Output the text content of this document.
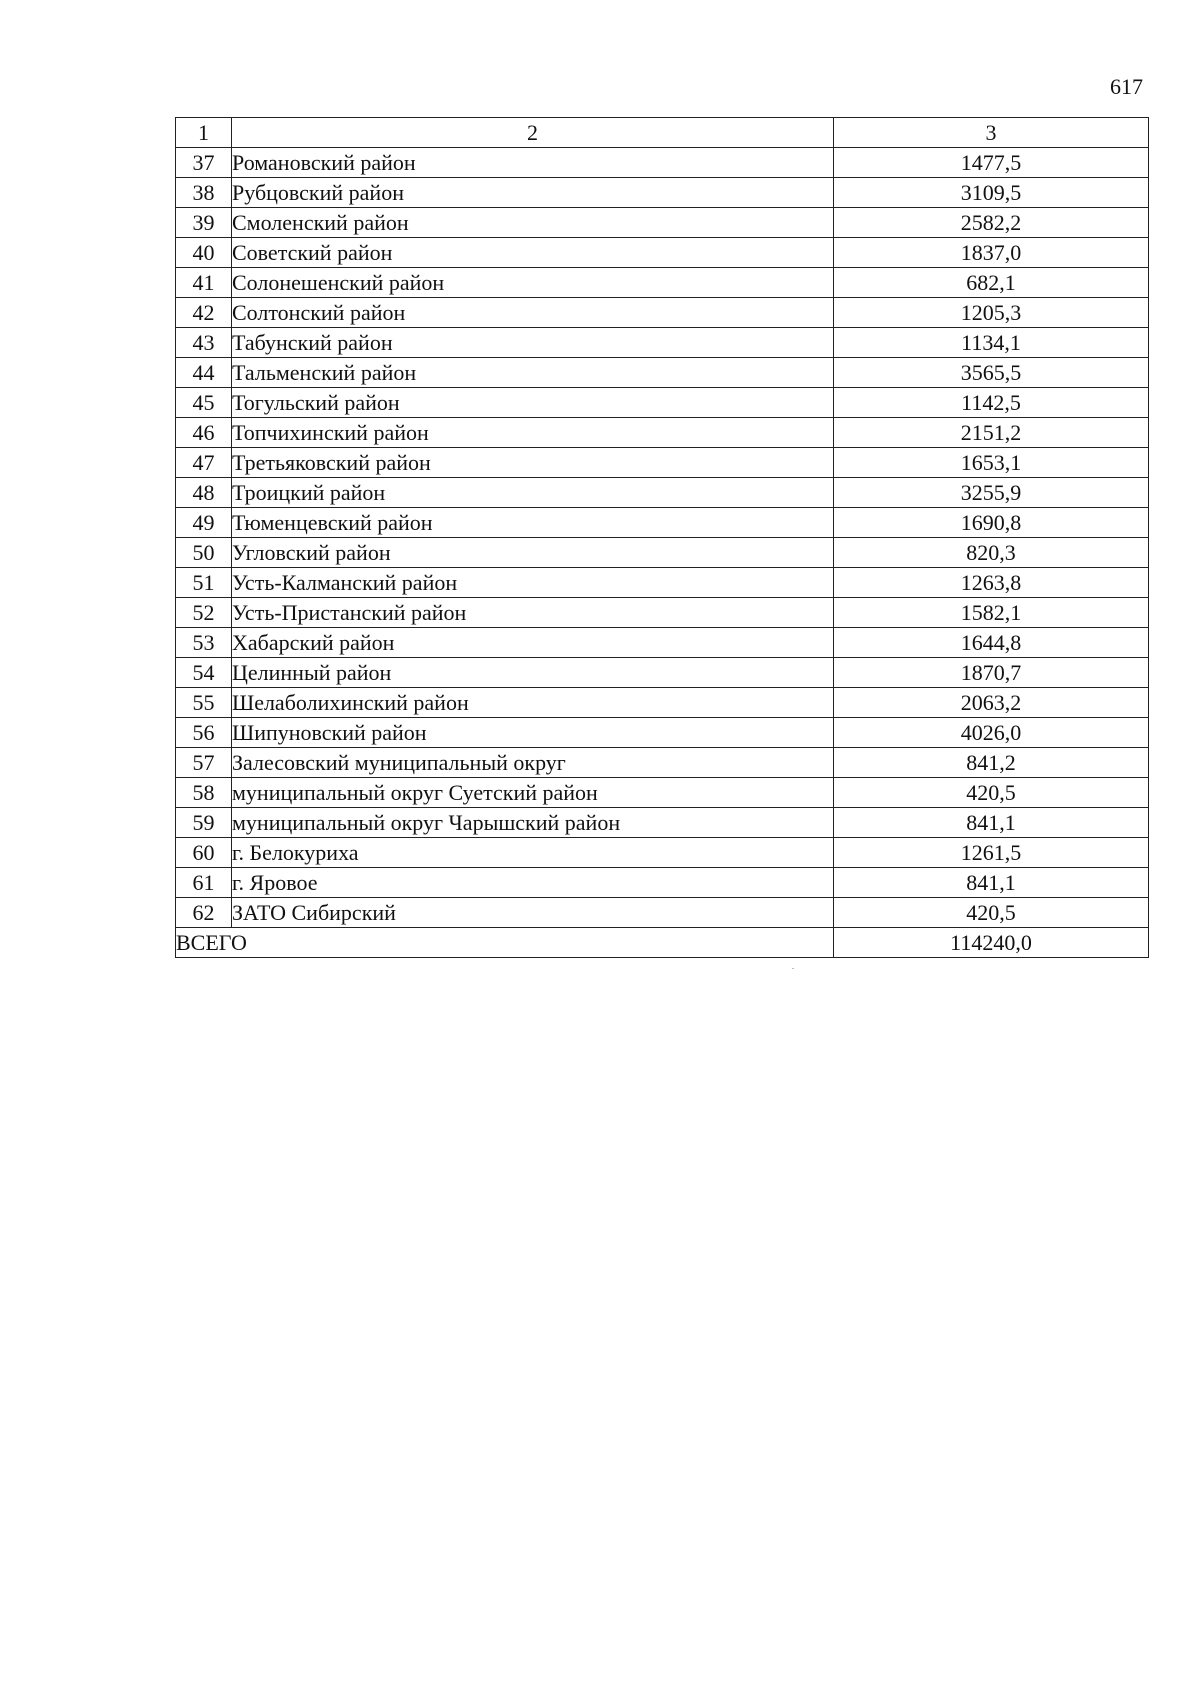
617
1	2	3
37	Романовский район	1477,5
38	Рубцовский район	3109,5
39	Смоленский район	2582,2
40	Советский район	1837,0
41	Солонешенский район	682,1
42	Солтонский район	1205,3
43	Табунский район	1134,1
44	Тальменский район	3565,5
45	Тогульский район	1142,5
46	Топчихинский район	2151,2
47	Третьяковский район	1653,1
48	Троицкий район	3255,9
49	Тюменцевский район	1690,8
50	Угловский район	820,3
51	Усть-Калманский район	1263,8
52	Усть-Пристанский район	1582,1
53	Хабарский район	1644,8
54	Целинный район	1870,7
55	Шелаболихинский район	2063,2
56	Шипуновский район	4026,0
57	Залесовский муниципальный округ	841,2
58	муниципальный округ Суетский район	420,5
59	муниципальный округ Чарышский район	841,1
60	г. Белокуриха	1261,5
61	г. Яровое	841,1
62	ЗАТО Сибирский	420,5
ВСЕГО		114240,0
